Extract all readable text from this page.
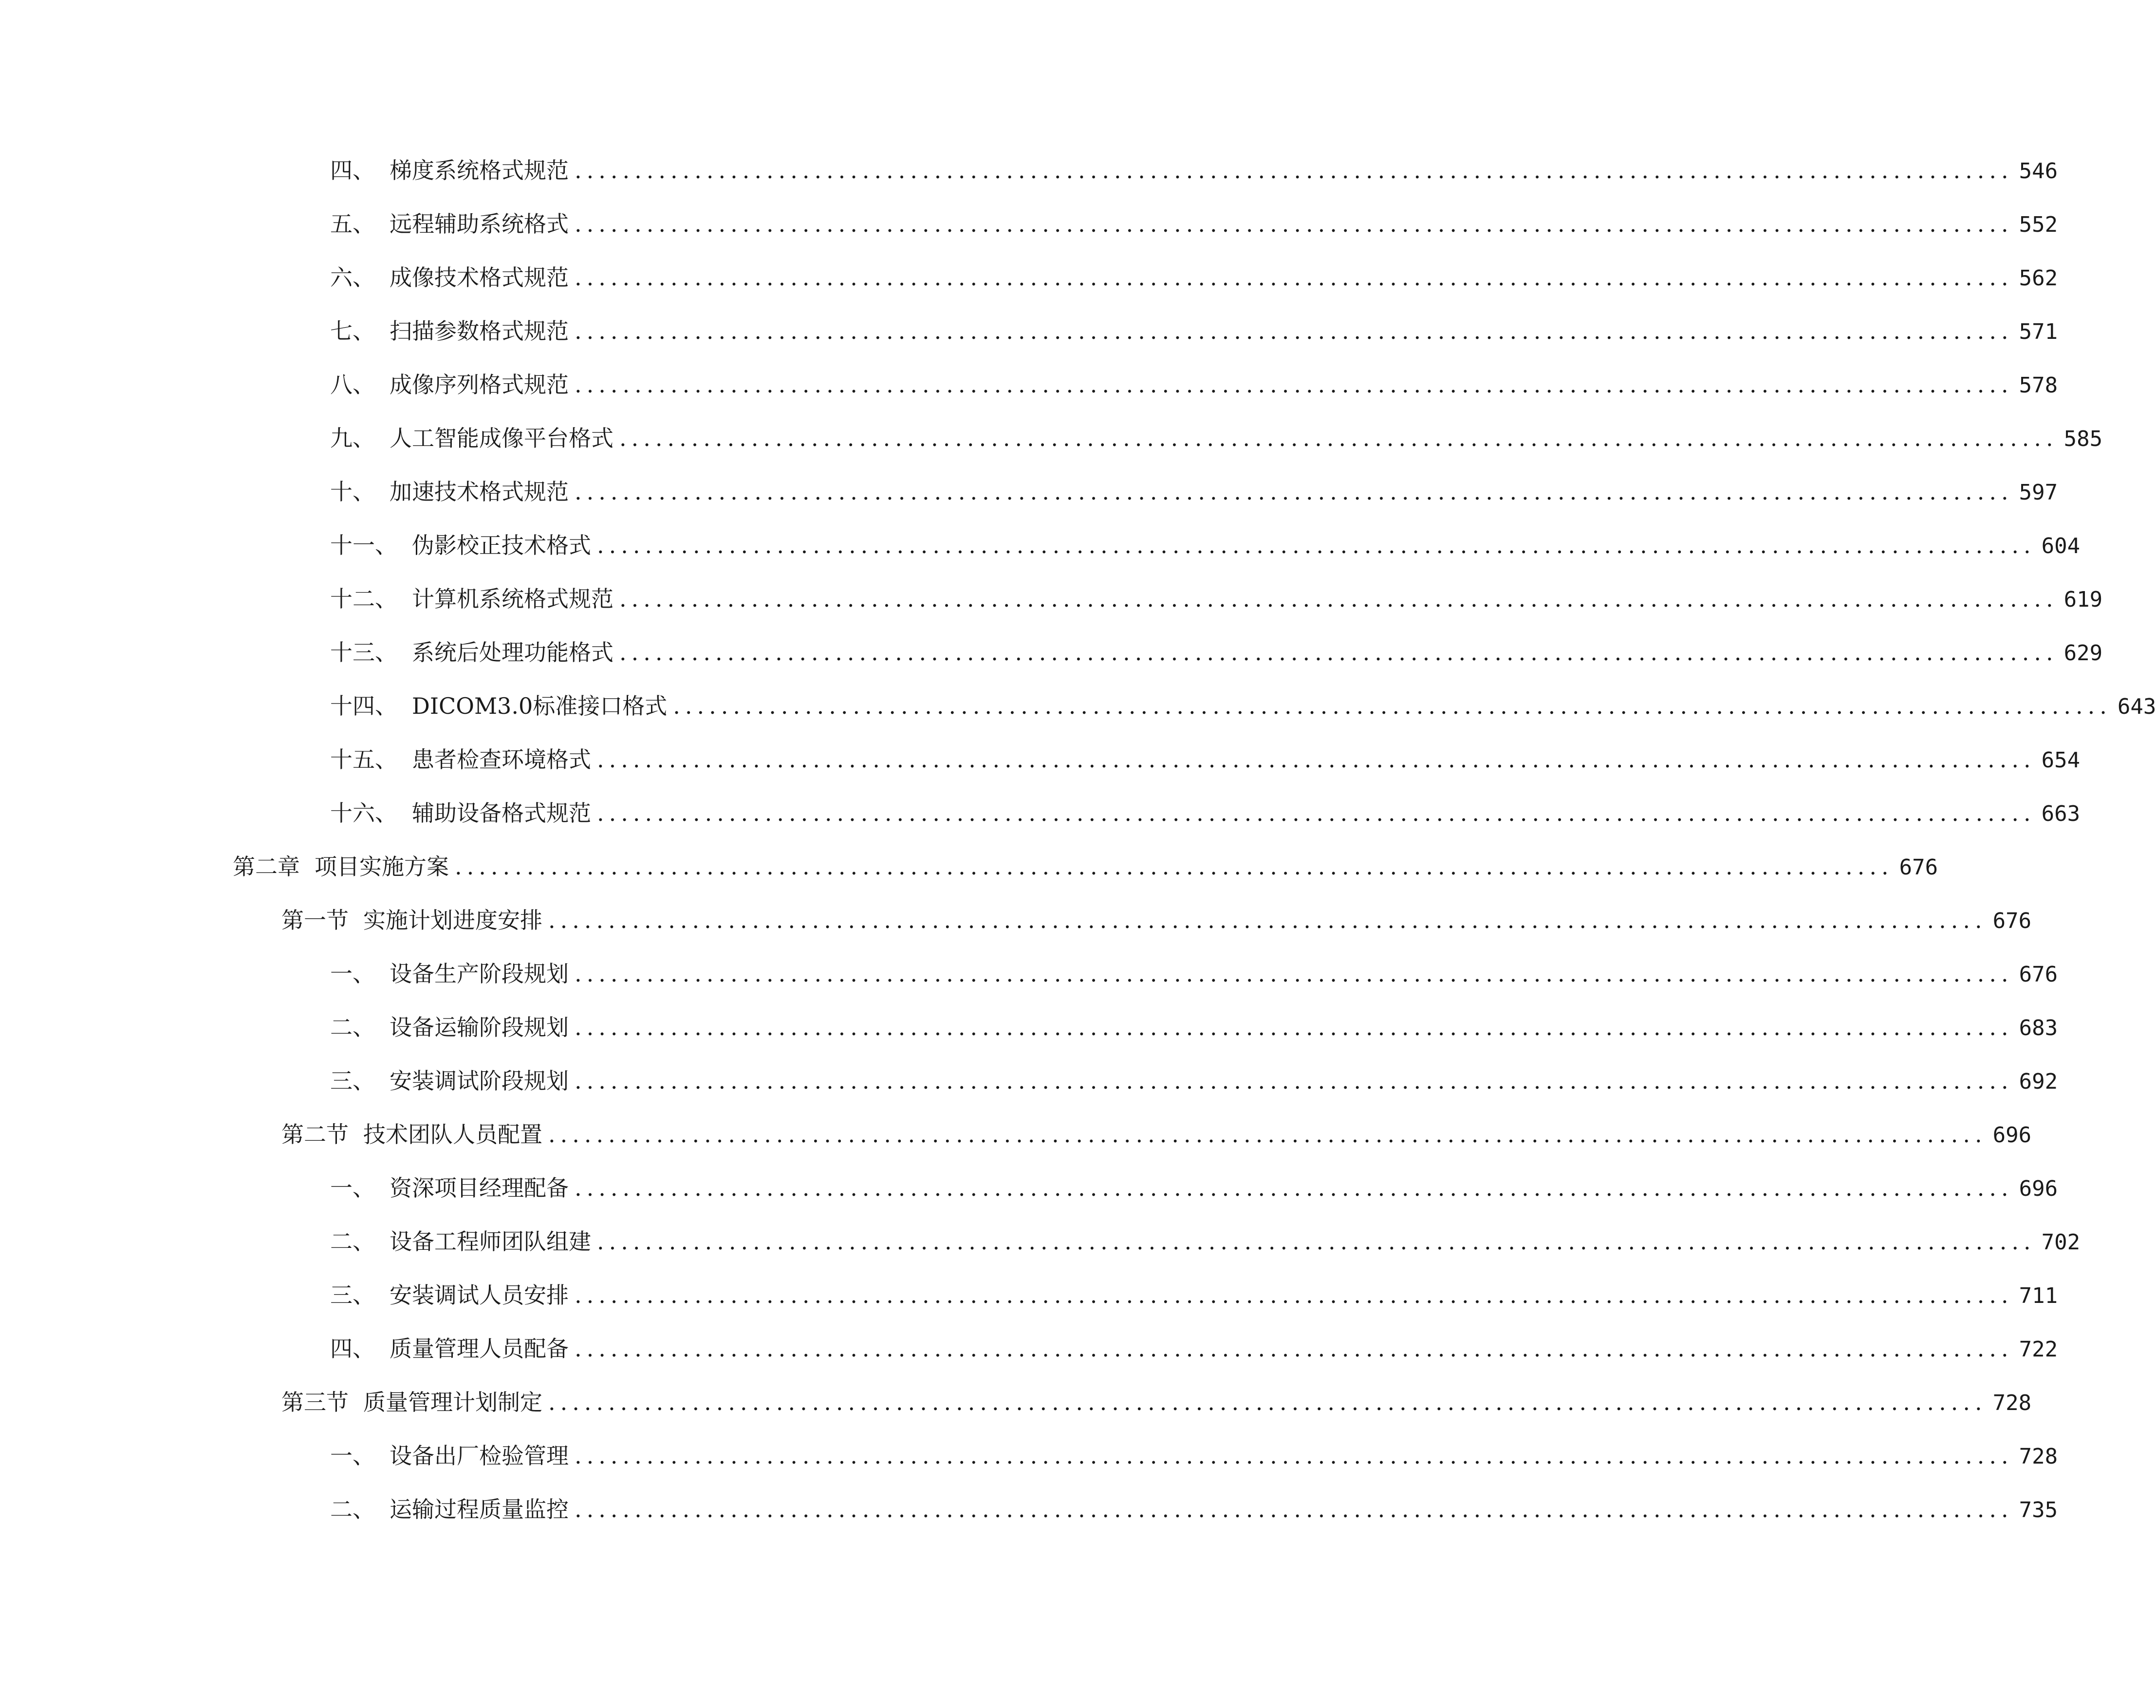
四、 梯度系统格式规范 ........................................................................................................................ 546
五、 远程辅助系统格式 ........................................................................................................................ 552
六、 成像技术格式规范 ........................................................................................................................ 562
七、 扫描参数格式规范 ........................................................................................................................ 571
八、 成像序列格式规范 ........................................................................................................................ 578
九、 人工智能成像平台格式 ........................................................................................................................ 585
十、 加速技术格式规范 ........................................................................................................................ 597
十一、 伪影校正技术格式 ........................................................................................................................ 604
十二、 计算机系统格式规范 ........................................................................................................................ 619
十三、 系统后处理功能格式 ........................................................................................................................ 629
十四、 DICOM3.0标准接口格式 ........................................................................................................................ 643
十五、 患者检查环境格式 ........................................................................................................................ 654
十六、 辅助设备格式规范 ........................................................................................................................ 663
第二章 项目实施方案 ........................................................................................................................ 676
第一节 实施计划进度安排 ........................................................................................................................ 676
一、 设备生产阶段规划 ........................................................................................................................ 676
二、 设备运输阶段规划 ........................................................................................................................ 683
三、 安装调试阶段规划 ........................................................................................................................ 692
第二节 技术团队人员配置 ........................................................................................................................ 696
一、 资深项目经理配备 ........................................................................................................................ 696
二、 设备工程师团队组建 ........................................................................................................................ 702
三、 安装调试人员安排 ........................................................................................................................ 711
四、 质量管理人员配备 ........................................................................................................................ 722
第三节 质量管理计划制定 ........................................................................................................................ 728
一、 设备出厂检验管理 ........................................................................................................................ 728
二、 运输过程质量监控 ........................................................................................................................ 735
